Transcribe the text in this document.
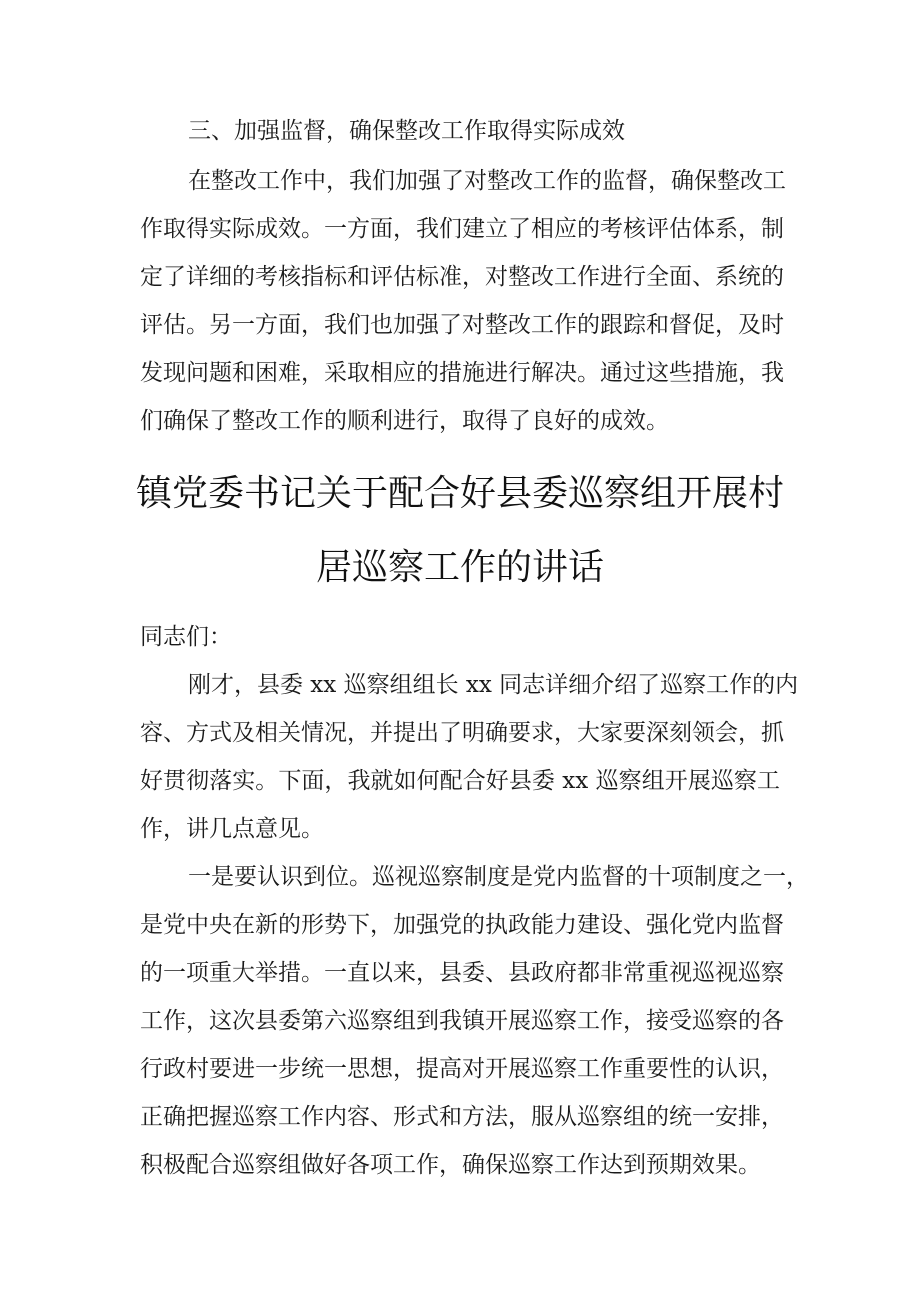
三、加强监督，确保整改工作取得实际成效
在整改工作中，我们加强了对整改工作的监督，确保整改工
作取得实际成效。一方面，我们建立了相应的考核评估体系，制
定了详细的考核指标和评估标准，对整改工作进行全面、系统的
评估。另一方面，我们也加强了对整改工作的跟踪和督促，及时
发现问题和困难，采取相应的措施进行解决。通过这些措施，我
们确保了整改工作的顺利进行，取得了良好的成效。
镇党委书记关于配合好县委巡察组开展村
居巡察工作的讲话
同志们：
刚才，县委 xx 巡察组组长 xx 同志详细介绍了巡察工作的内
容、方式及相关情况，并提出了明确要求，大家要深刻领会，抓
好贯彻落实。下面，我就如何配合好县委 xx 巡察组开展巡察工
作，讲几点意见。
一是要认识到位。巡视巡察制度是党内监督的十项制度之一，
是党中央在新的形势下，加强党的执政能力建设、强化党内监督
的一项重大举措。一直以来，县委、县政府都非常重视巡视巡察
工作，这次县委第六巡察组到我镇开展巡察工作，接受巡察的各
行政村要进一步统一思想，提高对开展巡察工作重要性的认识，
正确把握巡察工作内容、形式和方法，服从巡察组的统一安排，
积极配合巡察组做好各项工作，确保巡察工作达到预期效果。
